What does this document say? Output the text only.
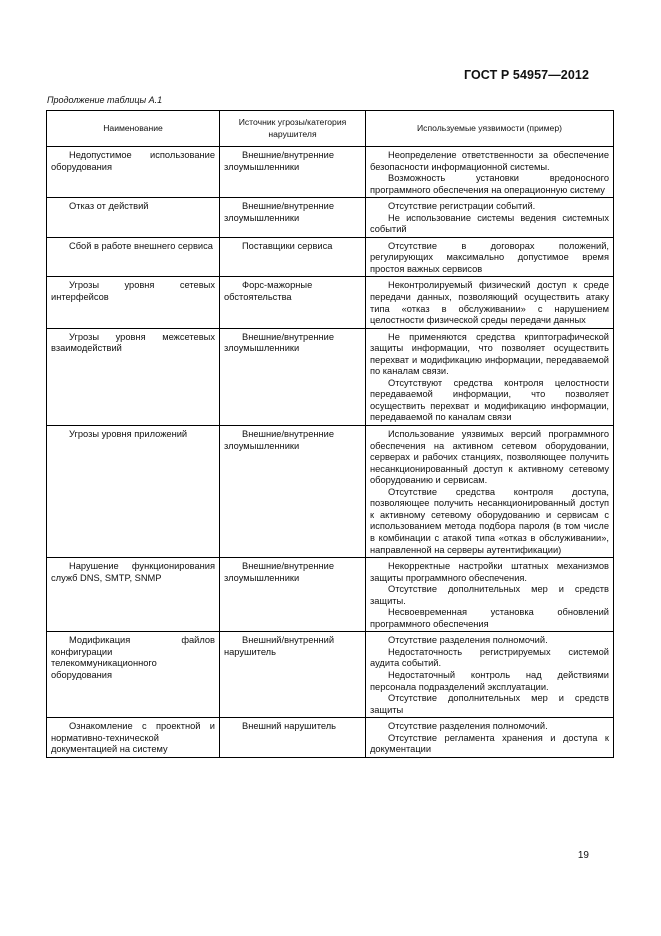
ГОСТ Р 54957—2012
Продолжение таблицы А.1
Наименование	Источник угрозы/категория нарушителя	Используемые уязвимости (пример)

Недопустимое использование оборудования	Внешние/внутренние злоумышленники	Неопределение ответственности за обеспечение безопасности информационной системы.

Возможность установки вредоносного программного обеспечения на операционную систему

Отказ от действий	Внешние/внутренние злоумышленники	Отсутствие регистрации событий.

Не использование системы ведения системных событий

Сбой в работе внешнего сервиса	Поставщики сервиса	Отсутствие в договорах положений, регулирующих максимально допустимое время простоя важных сервисов

Угрозы уровня сетевых интерфейсов	Форс-мажорные обстоятельства	Неконтролируемый физический доступ к среде передачи данных, позволяющий осуществить атаку типа «отказ в обслуживании» с нарушением целостности физической среды передачи данных

Угрозы уровня межсетевых взаимодействий	Внешние/внутренние злоумышленники	Не применяются средства криптографической защиты информации, что позволяет осуществить перехват и модификацию информации, передаваемой по каналам связи.

Отсутствуют средства контроля целостности передаваемой информации, что позволяет осуществить перехват и модификацию информации, передаваемой по каналам связи

Угрозы уровня приложений	Внешние/внутренние злоумышленники	Использование уязвимых версий программного обеспечения на активном сетевом оборудовании, серверах и рабочих станциях, позволяющее получить несанкционированный доступ к активному сетевому оборудованию и сервисам.

Отсутствие средства контроля доступа, позволяющее получить несанкционированный доступ к активному сетевому оборудованию и сервисам с использованием метода подбора пароля (в том числе в комбинации с атакой типа «отказ в обслуживании», направленной на серверы аутентификации)

Нарушение функционирования служб DNS, SMTP, SNMP	Внешние/внутренние злоумышленники	Некорректные настройки штатных механизмов защиты программного обеспечения.

Отсутствие дополнительных мер и средств защиты.

Несвоевременная установка обновлений программного обеспечения

Модификация файлов конфигурации телекоммуникационного оборудования	Внешний/внутренний нарушитель	Отсутствие разделения полномочий.

Недостаточность регистрируемых системой аудита событий.

Недостаточный контроль над действиями персонала подразделений эксплуатации.

Отсутствие дополнительных мер и средств защиты

Ознакомление с проектной и нормативно-технической документацией на систему	Внешний нарушитель	Отсутствие разделения полномочий.

Отсутствие регламента хранения и доступа к документации

19
